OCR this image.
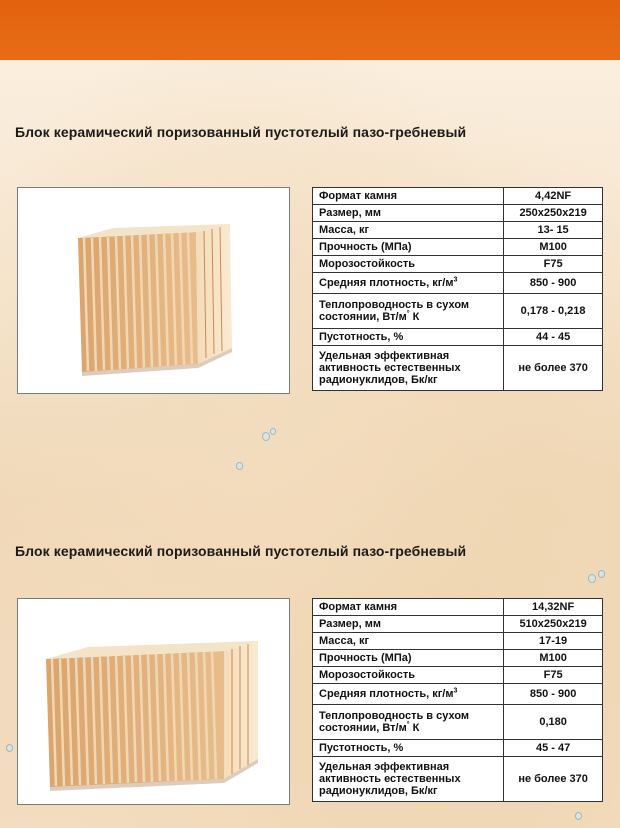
Блок керамический поризованный пустотелый пазо-гребневый
Формат камня	4,42NF
Размер, мм	250x250x219
Масса, кг	13- 15
Прочность (МПа)	М100
Морозостойкость	F75
Средняя плотность, $кг/м^3$	850 - 900
Теплопроводность в сухом состоянии, Вт/м° К	0,178 - 0,218
Пустотность, %	44 - 45
Удельная эффективная активность естественных радионуклидов, Бк/кг	не более 370
Блок керамический поризованный пустотелый пазо-гребневый
Формат камня	14,32NF
Размер, мм	510x250x219
Масса, кг	17-19
Прочность (МПа)	М100
Морозостойкость	F75
Средняя плотность, $кг/м^3$	850 - 900
Теплопроводность в сухом состоянии, Вт/м° К	0,180
Пустотность, %	45 - 47
Удельная эффективная активность естественных радионуклидов, Бк/кг	не более 370
